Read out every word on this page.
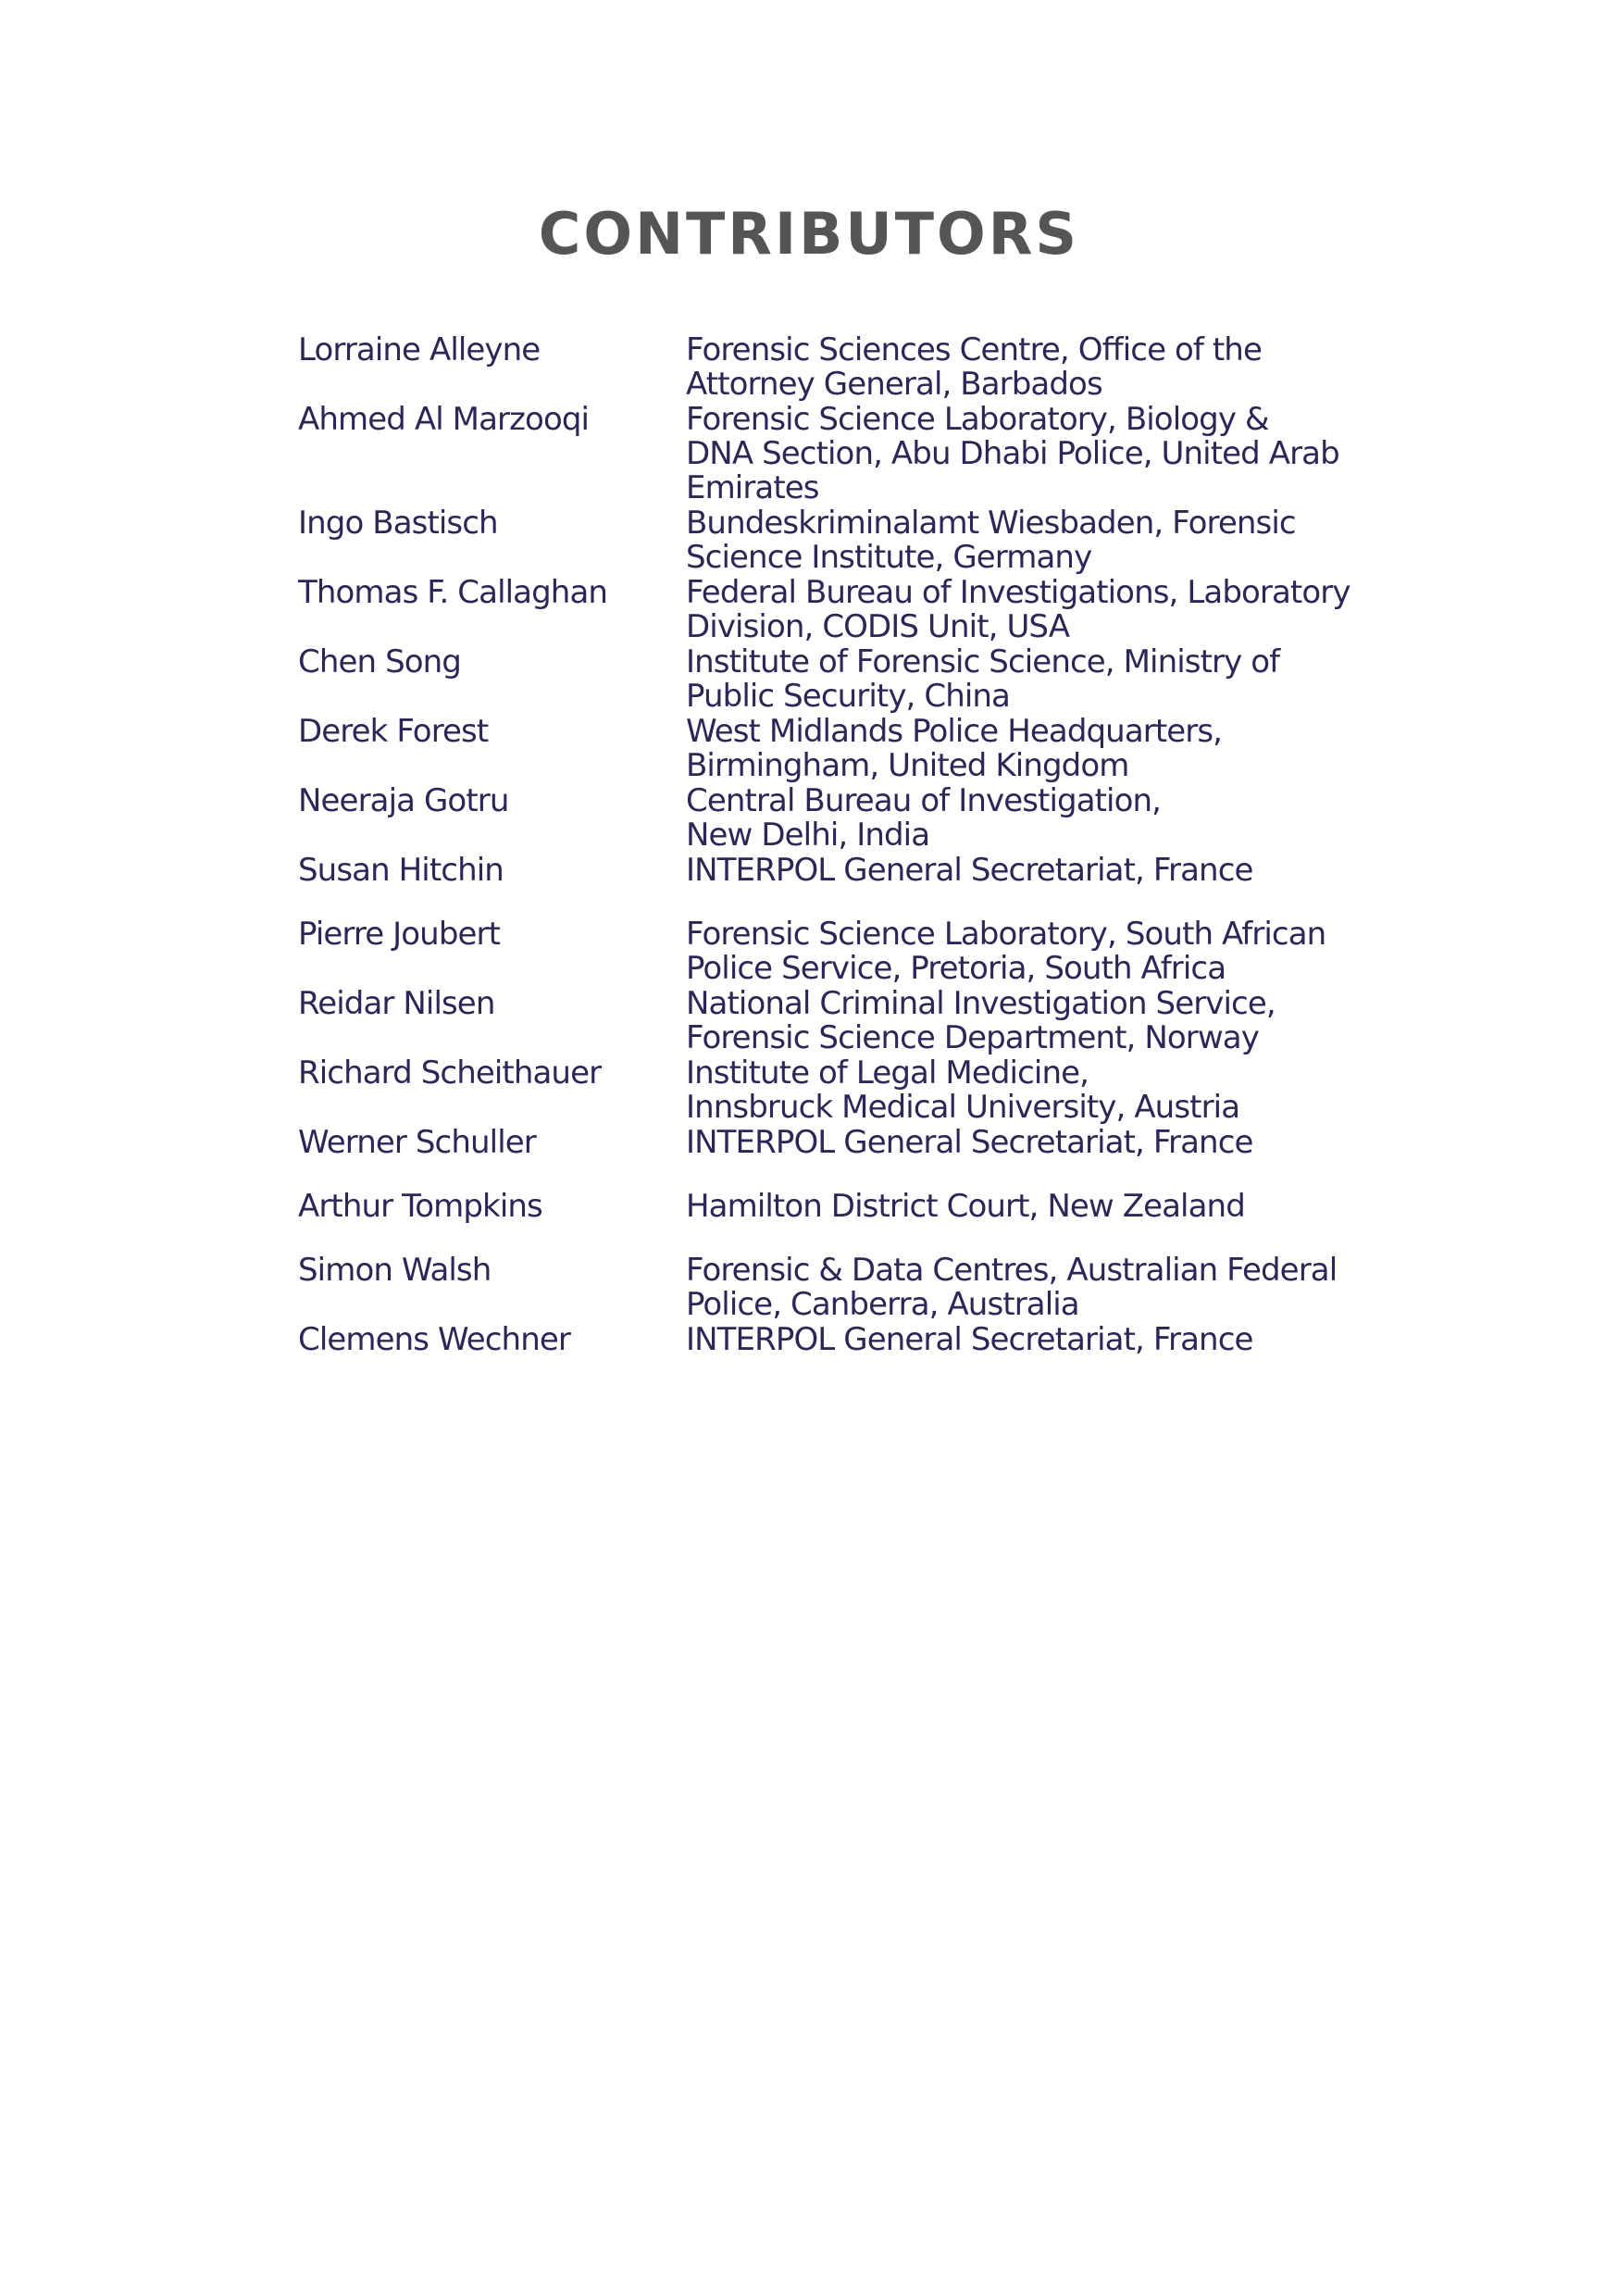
CONTRIBUTORS
Lorraine Alleyne	Forensic Sciences Centre, Office of the
Attorney General, Barbados
Ahmed Al Marzooqi	Forensic Science Laboratory, Biology &
DNA Section, Abu Dhabi Police, United Arab
Emirates
Ingo Bastisch	Bundeskriminalamt Wiesbaden, Forensic
Science Institute, Germany
Thomas F. Callaghan	Federal Bureau of Investigations, Laboratory
Division, CODIS Unit, USA
Chen Song	Institute of Forensic Science, Ministry of
Public Security, China
Derek Forest	West Midlands Police Headquarters,
Birmingham, United Kingdom
Neeraja Gotru	Central Bureau of Investigation,
New Delhi, India
Susan Hitchin	INTERPOL General Secretariat, France
Pierre Joubert	Forensic Science Laboratory, South African
Police Service, Pretoria, South Africa
Reidar Nilsen	National Criminal Investigation Service,
Forensic Science Department, Norway
Richard Scheithauer	Institute of Legal Medicine,
Innsbruck Medical University, Austria
Werner Schuller	INTERPOL General Secretariat, France
Arthur Tompkins	Hamilton District Court, New Zealand
Simon Walsh	Forensic & Data Centres, Australian Federal
Police, Canberra, Australia
Clemens Wechner	INTERPOL General Secretariat, France
